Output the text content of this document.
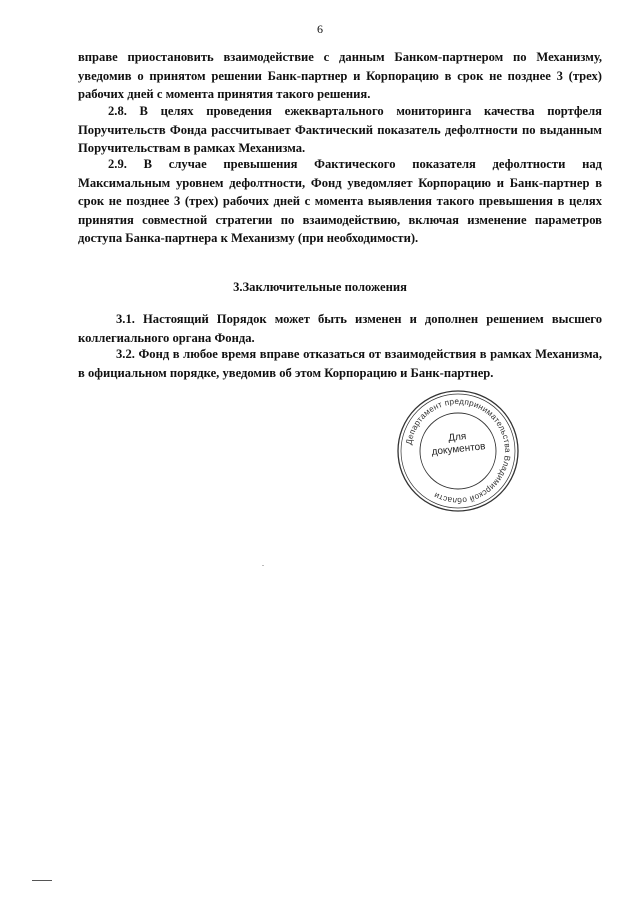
6

вправе приостановить взаимодействие с данным Банком-партнером по Механизму, уведомив о принятом решении Банк-партнер и Корпорацию в срок не позднее 3 (трех) рабочих дней с момента принятия такого решения.

2.8. В целях проведения ежеквартального мониторинга качества портфеля Поручительств Фонда рассчитывает Фактический показатель дефолтности по выданным Поручительствам в рамках Механизма.

2.9. В случае превышения Фактического показателя дефолтности над Максимальным уровнем дефолтности, Фонд уведомляет Корпорацию и Банк-партнер в срок не позднее 3 (трех) рабочих дней с момента выявления такого превышения в целях принятия совместной стратегии по взаимодействию, включая изменение параметров доступа Банка-партнера к Механизму (при необходимости).

3.Заключительные положения

3.1. Настоящий Порядок может быть изменен и дополнен решением высшего коллегиального органа Фонда.

3.2. Фонд в любое время вправе отказаться от взаимодействия в рамках Механизма, в официальном порядке, уведомив об этом Корпорацию и Банк-партнер.

Департамент предпринимательства Владимирской области
Для
документов
